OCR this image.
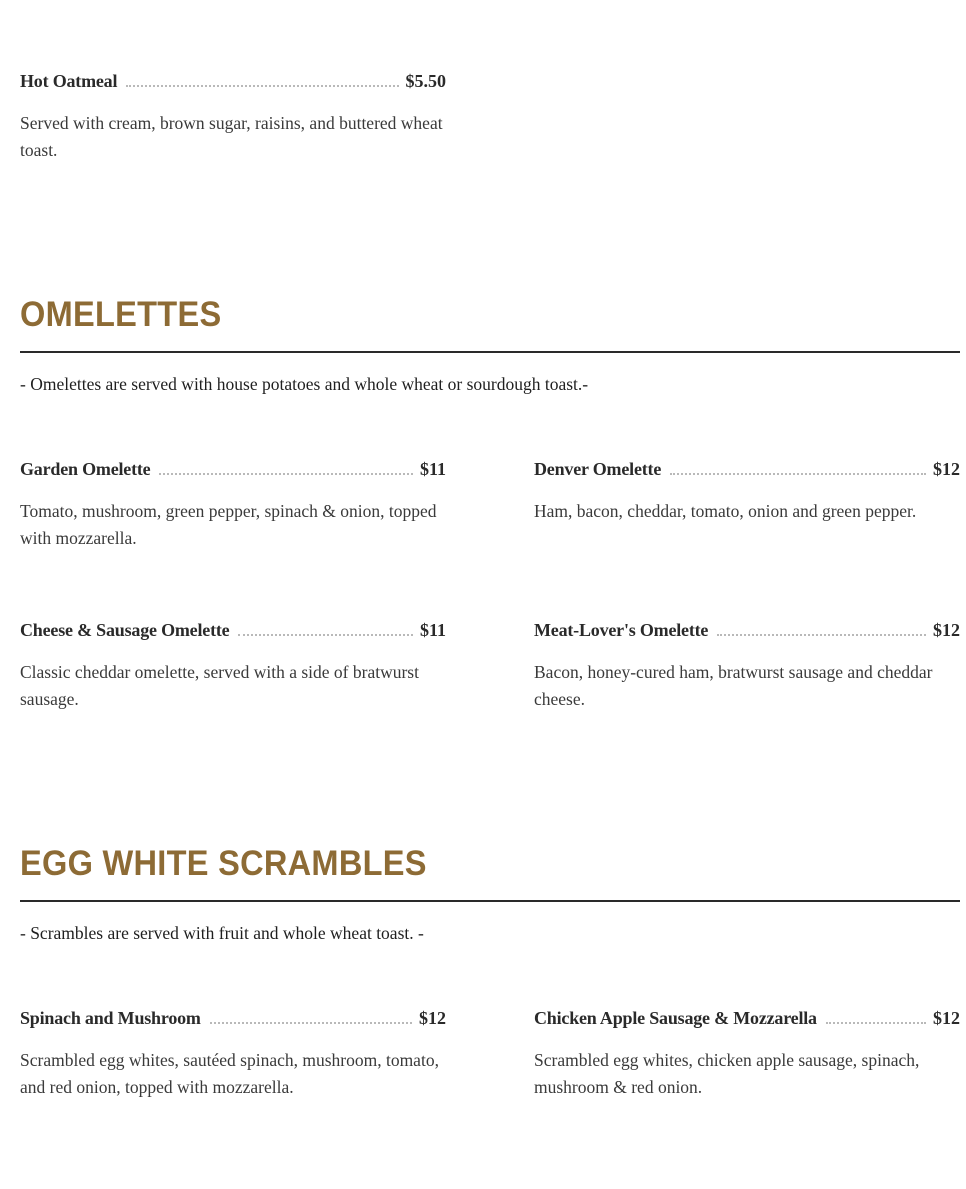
Hot Oatmeal	$5.50
Served with cream, brown sugar, raisins, and buttered wheat toast.
OMELETTES
- Omelettes are served with house potatoes and whole wheat or sourdough toast.-
Garden Omelette	$11
Tomato, mushroom, green pepper, spinach & onion, topped with mozzarella.
Denver Omelette	$12
Ham, bacon, cheddar, tomato, onion and green pepper.
Cheese & Sausage Omelette	$11
Classic cheddar omelette, served with a side of bratwurst sausage.
Meat-Lover's Omelette	$12
Bacon, honey-cured ham, bratwurst sausage and cheddar cheese.
EGG WHITE SCRAMBLES
- Scrambles are served with fruit and whole wheat toast. -
Spinach and Mushroom	$12
Scrambled egg whites, sautéed spinach, mushroom, tomato, and red onion, topped with mozzarella.
Chicken Apple Sausage & Mozzarella	$12
Scrambled egg whites, chicken apple sausage, spinach, mushroom & red onion.
